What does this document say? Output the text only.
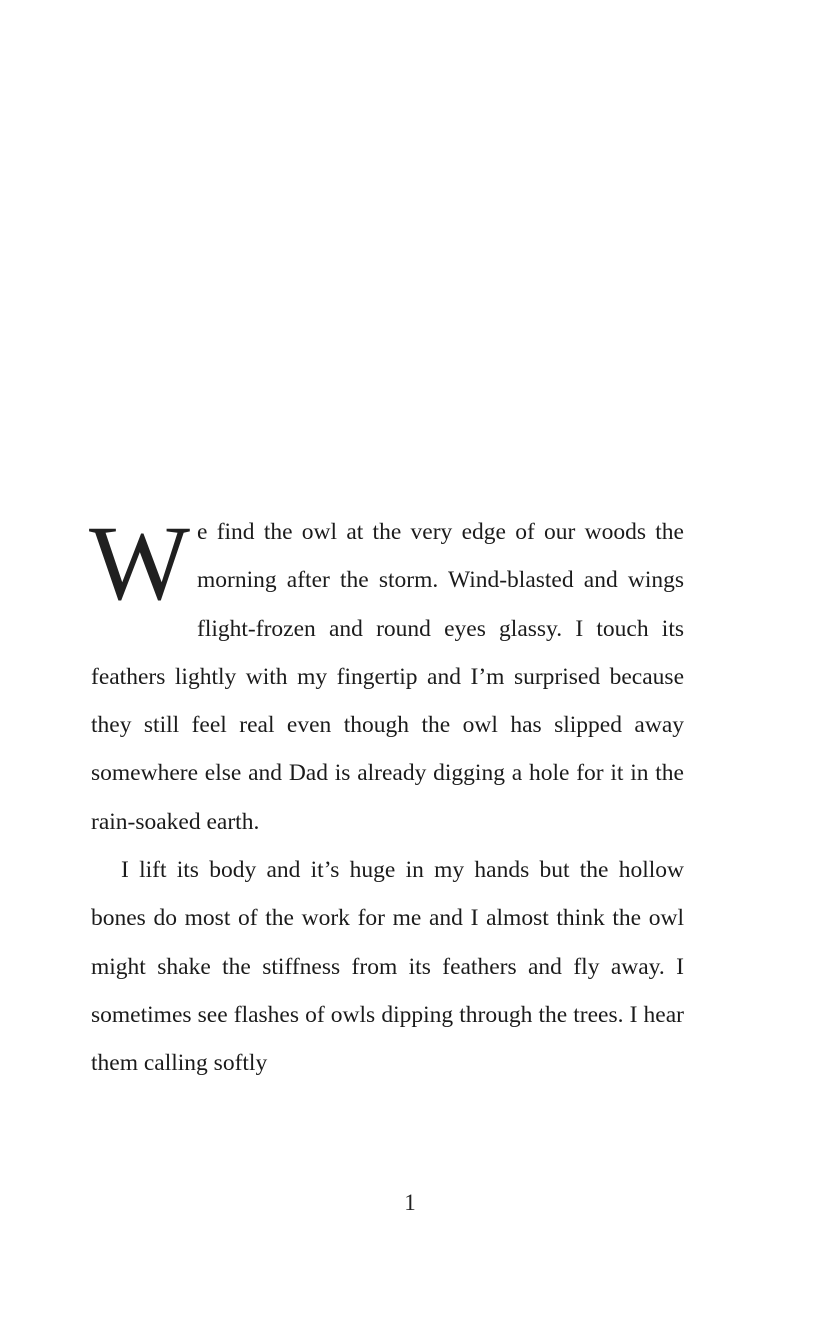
We find the owl at the very edge of our woods the morning after the storm. Wind-blasted and wings flight-frozen and round eyes glassy. I touch its feathers lightly with my fingertip and I’m surprised because they still feel real even though the owl has slipped away somewhere else and Dad is already digging a hole for it in the rain-soaked earth.

I lift its body and it’s huge in my hands but the hollow bones do most of the work for me and I almost think the owl might shake the stiffness from its feathers and fly away. I sometimes see flashes of owls dipping through the trees. I hear them calling softly

1
